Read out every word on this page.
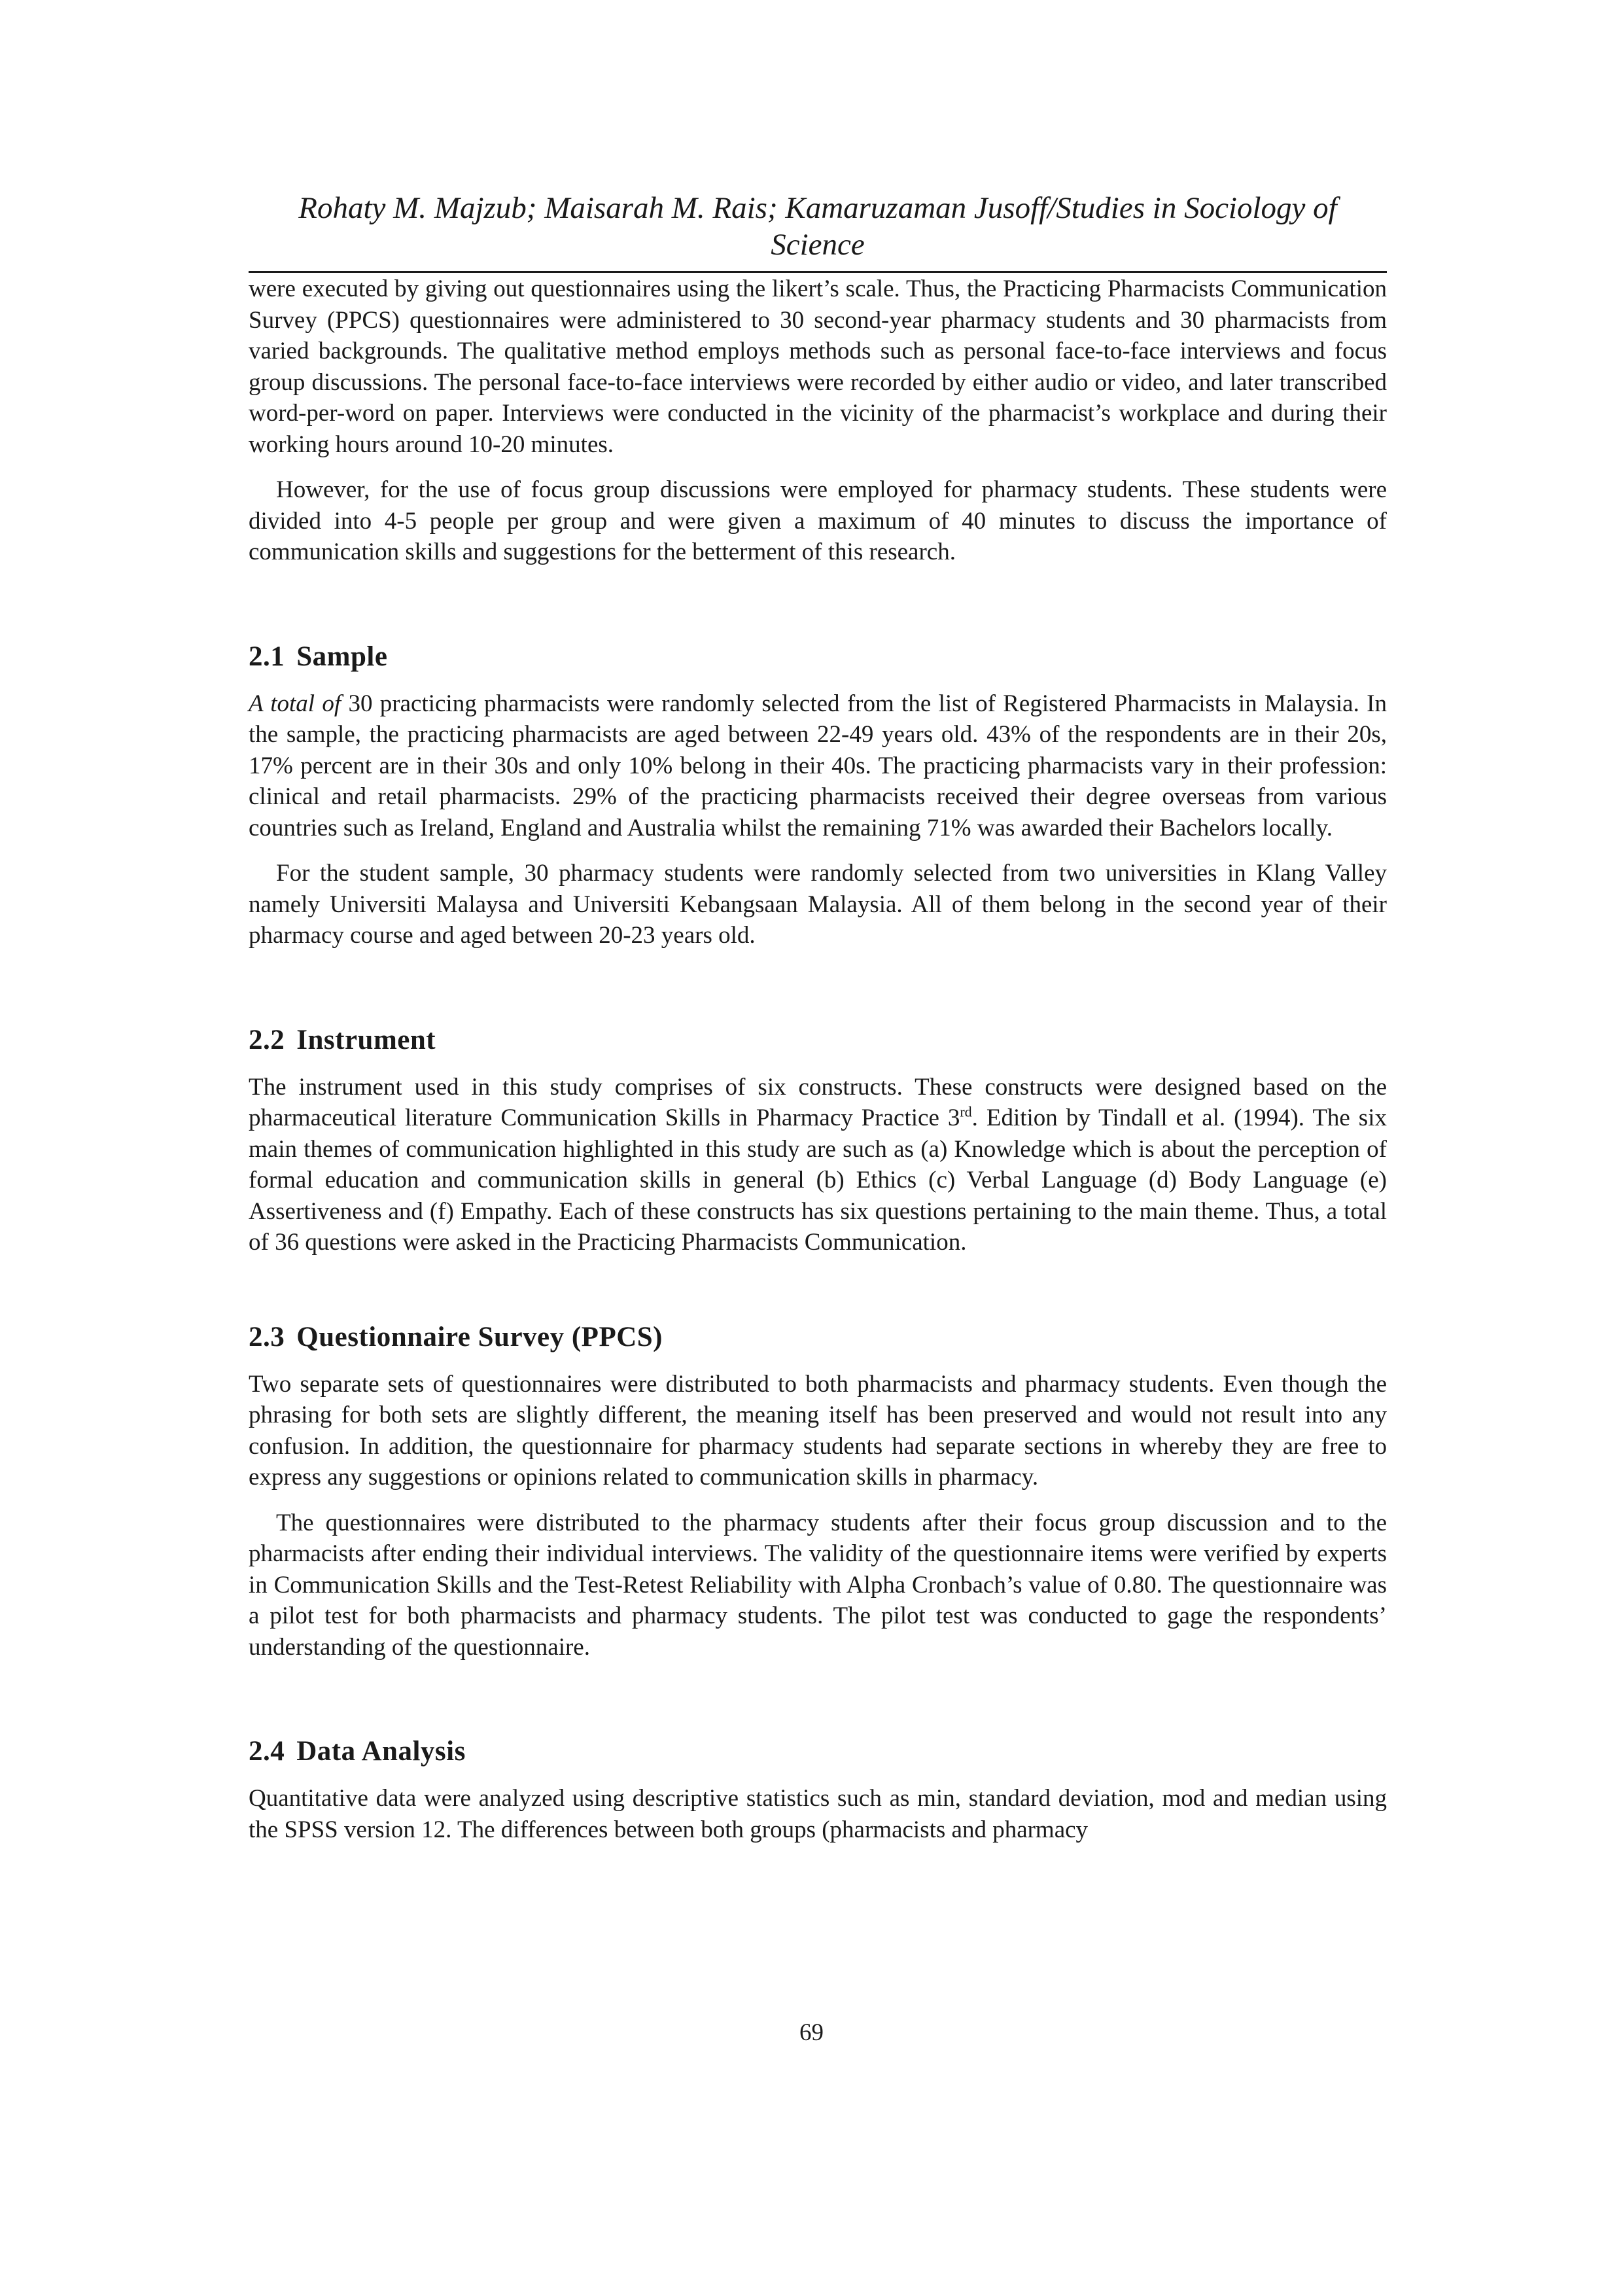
Rohaty M. Majzub; Maisarah M. Rais; Kamaruzaman Jusoff/Studies in Sociology of Science

were executed by giving out questionnaires using the likert’s scale. Thus, the Practicing Pharmacists Communication Survey (PPCS) questionnaires were administered to 30 second-year pharmacy students and 30 pharmacists from varied backgrounds. The qualitative method employs methods such as personal face-to-face interviews and focus group discussions. The personal face-to-face interviews were recorded by either audio or video, and later transcribed word-per-word on paper. Interviews were conducted in the vicinity of the pharmacist’s workplace and during their working hours around 10-20 minutes.

However, for the use of focus group discussions were employed for pharmacy students. These students were divided into 4-5 people per group and were given a maximum of 40 minutes to discuss the importance of communication skills and suggestions for the betterment of this research.

2.1 Sample

A total of 30 practicing pharmacists were randomly selected from the list of Registered Pharmacists in Malaysia. In the sample, the practicing pharmacists are aged between 22-49 years old. 43% of the respondents are in their 20s, 17% percent are in their 30s and only 10% belong in their 40s. The practicing pharmacists vary in their profession: clinical and retail pharmacists. 29% of the practicing pharmacists received their degree overseas from various countries such as Ireland, England and Australia whilst the remaining 71% was awarded their Bachelors locally.

For the student sample, 30 pharmacy students were randomly selected from two universities in Klang Valley namely Universiti Malaysa and Universiti Kebangsaan Malaysia. All of them belong in the second year of their pharmacy course and aged between 20-23 years old.

2.2 Instrument

The instrument used in this study comprises of six constructs. These constructs were designed based on the pharmaceutical literature Communication Skills in Pharmacy Practice 3rd. Edition by Tindall et al. (1994). The six main themes of communication highlighted in this study are such as (a) Knowledge which is about the perception of formal education and communication skills in general (b) Ethics (c) Verbal Language (d) Body Language (e) Assertiveness and (f) Empathy. Each of these constructs has six questions pertaining to the main theme. Thus, a total of 36 questions were asked in the Practicing Pharmacists Communication.

2.3 Questionnaire Survey (PPCS)

Two separate sets of questionnaires were distributed to both pharmacists and pharmacy students. Even though the phrasing for both sets are slightly different, the meaning itself has been preserved and would not result into any confusion. In addition, the questionnaire for pharmacy students had separate sections in whereby they are free to express any suggestions or opinions related to communication skills in pharmacy.

The questionnaires were distributed to the pharmacy students after their focus group discussion and to the pharmacists after ending their individual interviews. The validity of the questionnaire items were verified by experts in Communication Skills and the Test-Retest Reliability with Alpha Cronbach’s value of 0.80. The questionnaire was a pilot test for both pharmacists and pharmacy students. The pilot test was conducted to gage the respondents’ understanding of the questionnaire.

2.4 Data Analysis

Quantitative data were analyzed using descriptive statistics such as min, standard deviation, mod and median using the SPSS version 12. The differences between both groups (pharmacists and pharmacy

69
